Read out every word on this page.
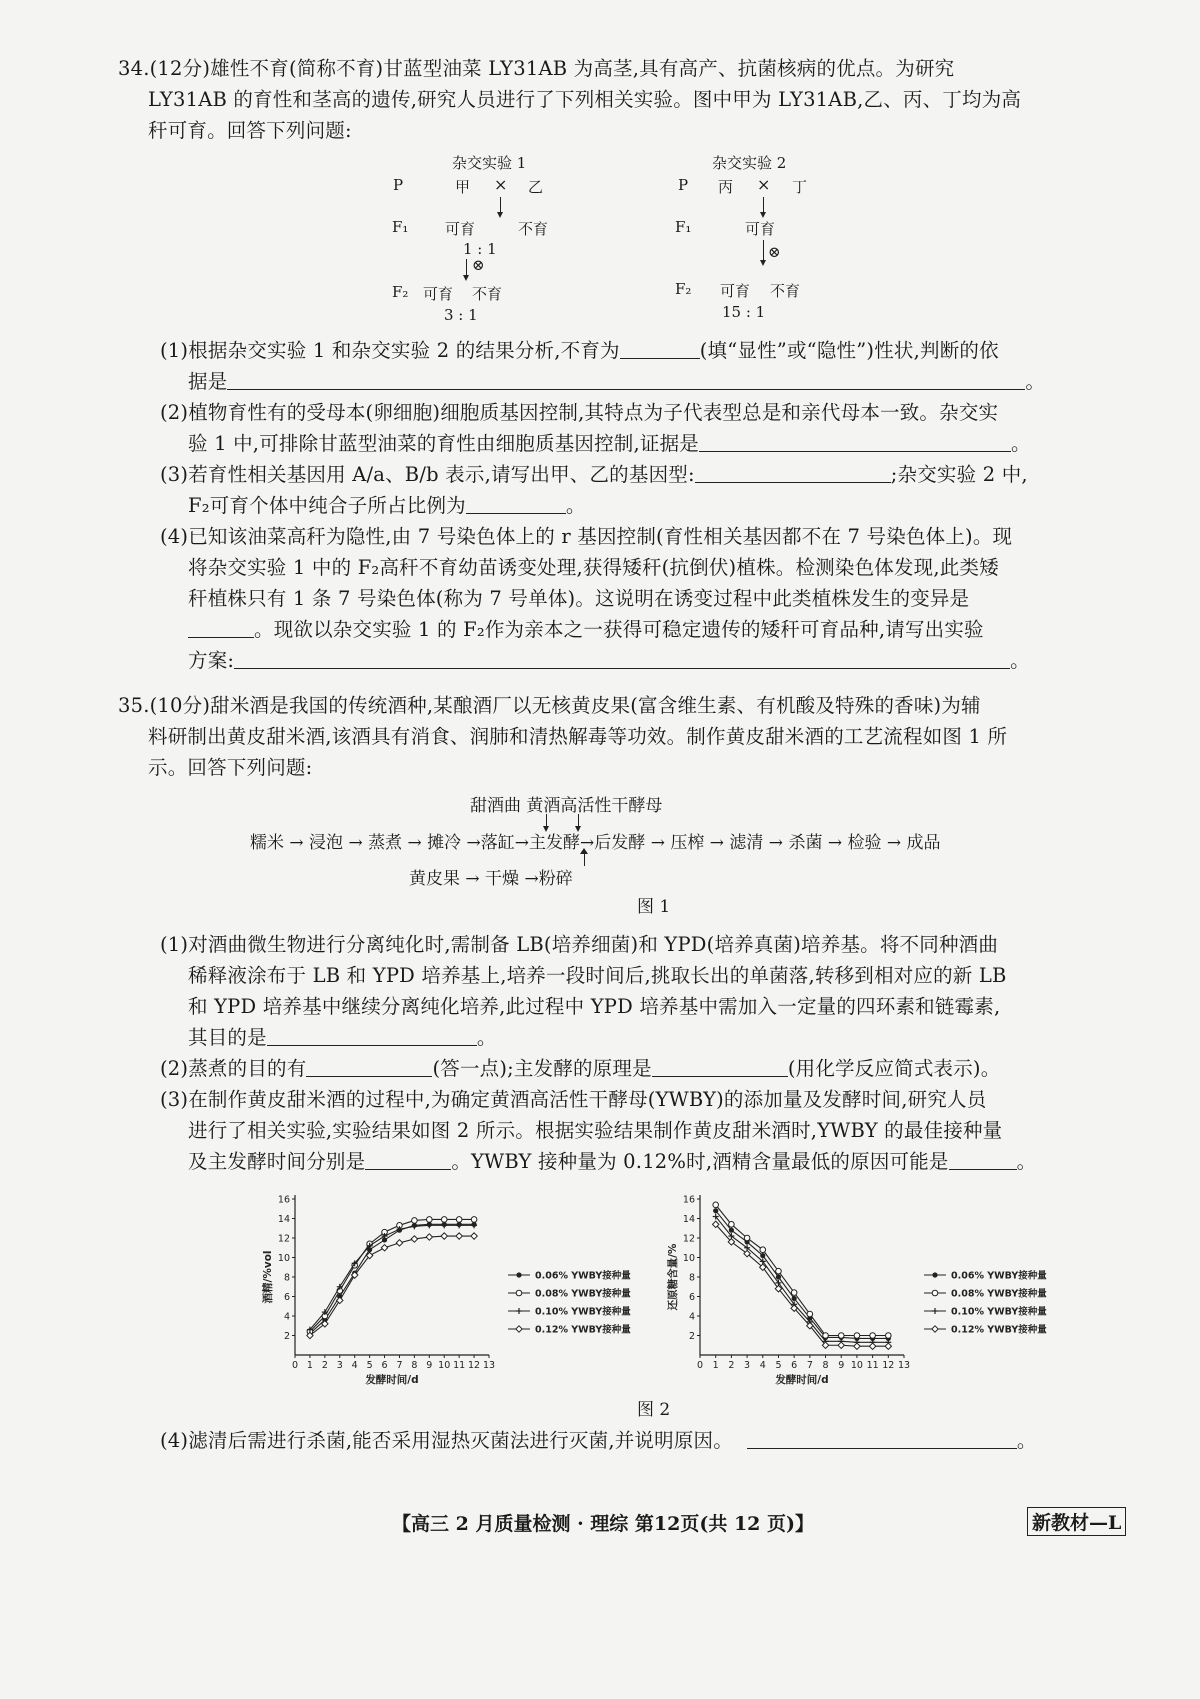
34.(12分)雄性不育(简称不育)甘蓝型油菜 LY31AB 为高茎,具有高产、抗菌核病的优点。为研究
LY31AB 的育性和茎高的遗传,研究人员进行了下列相关实验。图中甲为 LY31AB,乙、丙、丁均为高
秆可育。回答下列问题:
杂交实验 1
P	甲 × 乙
F₁ 可育	不育
1 : 1
⊗
F₂ 可育 不育
3 : 1
杂交实验 2
P 丙 × 丁
F₁	可育
⊗
F₂ 可育 不育
15 : 1
(1)根据杂交实验 1 和杂交实验 2 的结果分析,不育为	(填“显性”或“隐性”)性状,判断的依
据是	。
(2)植物育性有的受母本(卵细胞)细胞质基因控制,其特点为子代表型总是和亲代母本一致。杂交实
验 1 中,可排除甘蓝型油菜的育性由细胞质基因控制,证据是	。
(3)若育性相关基因用 A/a、B/b 表示,请写出甲、乙的基因型:	;杂交实验 2 中,
F₂可育个体中纯合子所占比例为	。
(4)已知该油菜高秆为隐性,由 7 号染色体上的 r 基因控制(育性相关基因都不在 7 号染色体上)。现
将杂交实验 1 中的 F₂高秆不育幼苗诱变处理,获得矮秆(抗倒伏)植株。检测染色体发现,此类矮
秆植株只有 1 条 7 号染色体(称为 7 号单体)。这说明在诱变过程中此类植株发生的变异是
。现欲以杂交实验 1 的 F₂作为亲本之一获得可稳定遗传的矮秆可育品种,请写出实验
方案:	。
35.(10分)甜米酒是我国的传统酒种,某酿酒厂以无核黄皮果(富含维生素、有机酸及特殊的香味)为辅
料研制出黄皮甜米酒,该酒具有消食、润肺和清热解毒等功效。制作黄皮甜米酒的工艺流程如图 1 所
示。回答下列问题:
甜酒曲 黄酒高活性干酵母
糯米 → 浸泡 → 蒸煮 → 摊冷 →落缸→主发酵→后发酵 → 压榨 → 滤清 → 杀菌 → 检验 → 成品
黄皮果 → 干燥 →粉碎
图 1
(1)对酒曲微生物进行分离纯化时,需制备 LB(培养细菌)和 YPD(培养真菌)培养基。将不同种酒曲
稀释液涂布于 LB 和 YPD 培养基上,培养一段时间后,挑取长出的单菌落,转移到相对应的新 LB
和 YPD 培养基中继续分离纯化培养,此过程中 YPD 培养基中需加入一定量的四环素和链霉素,
其目的是	。
(2)蒸煮的目的有	(答一点);主发酵的原理是	(用化学反应简式表示)。
(3)在制作黄皮甜米酒的过程中,为确定黄酒高活性干酵母(YWBY)的添加量及发酵时间,研究人员
进行了相关实验,实验结果如图 2 所示。根据实验结果制作黄皮甜米酒时,YWBY 的最佳接种量
及主发酵时间分别是	。YWBY 接种量为 0.12%时,酒精含量最低的原因可能是	。
0 1 2 3 4 5 6 7 8 9 10 11 12 13
2
4
6
8
10
12
14
16
发酵时间/d
酒精/%vol	0.06% YWBY接种量
0.08% YWBY接种量
0.10% YWBY接种量
0.12% YWBY接种量
0 1 2 3 4 5 6 7 8 9 10 11 12 13
2
4
6
8
10
12
14
16
发酵时间/d
还原糖含量/%	0.06% YWBY接种量
0.08% YWBY接种量
0.10% YWBY接种量
0.12% YWBY接种量
图 2
(4)滤清后需进行杀菌,能否采用湿热灭菌法进行灭菌,并说明原因。	。
【高三 2 月质量检测 · 理综 第12页(共 12 页)】	新教材—L
